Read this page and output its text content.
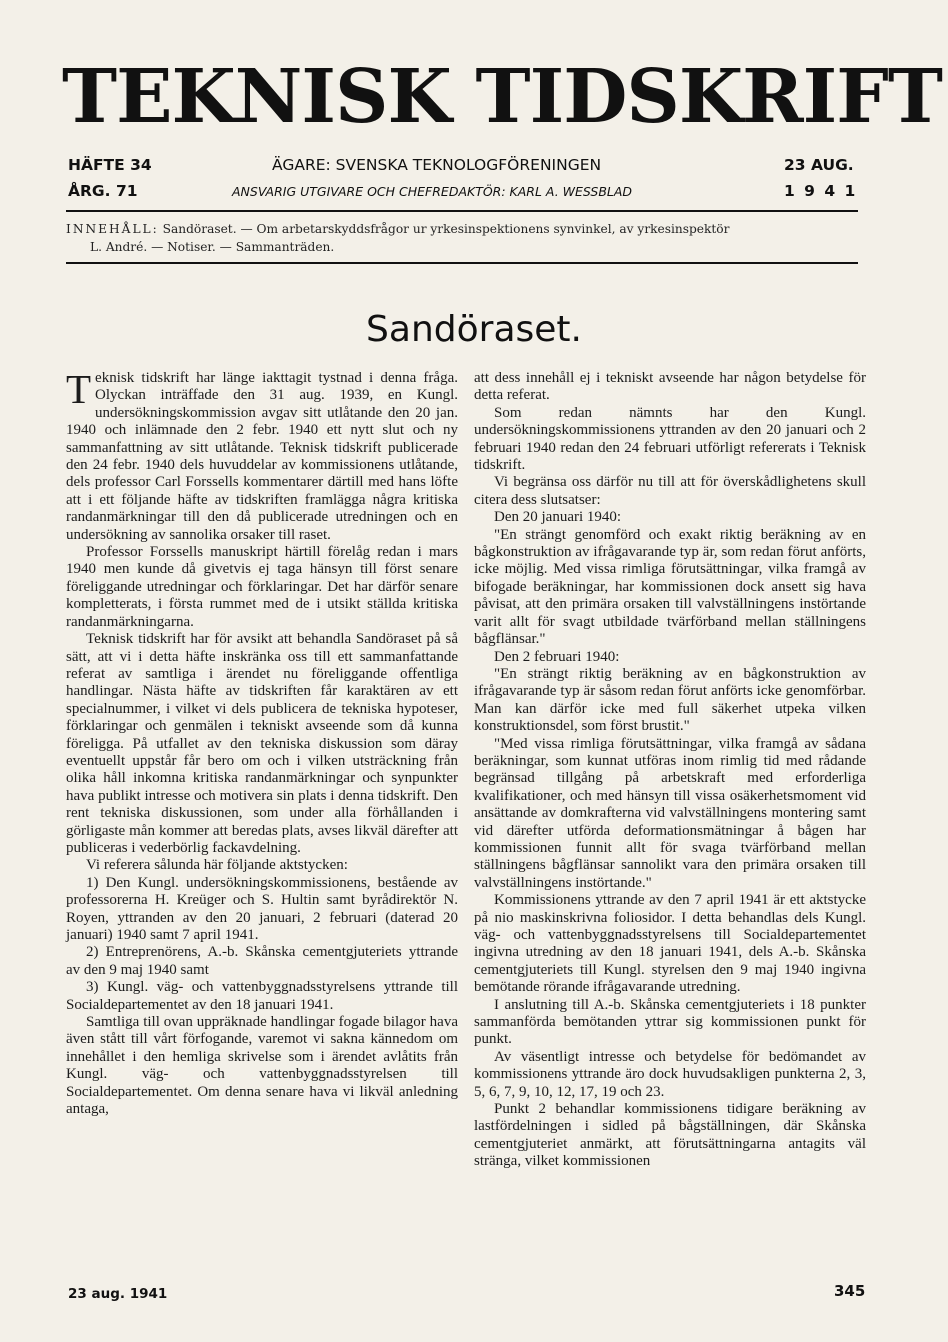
TEKNISK TIDSKRIFT
HÄFTE 34	ÄGARE: SVENSKA TEKNOLOGFÖRENINGEN	23 AUG.
ÅRG. 71	ANSVARIG UTGIVARE OCH CHEFREDAKTÖR: KARL A. WESSBLAD	1 9 4 1
INNEHÅLL: Sandöraset. — Om arbetarskyddsfrågor ur yrkesinspektionens synvinkel, av yrkesinspektör
L. André. — Notiser. — Sammanträden.
Sandöraset.

Teknisk tidskrift har länge iakttagit tystnad i denna fråga. Olyckan inträffade den 31 aug. 1939, en Kungl. undersökningskommission avgav sitt utlåtande den 20 jan. 1940 och inlämnade den 2 febr. 1940 ett nytt slut och ny sammanfattning av sitt utlåtande. Teknisk tidskrift publicerade den 24 febr. 1940 dels huvuddelar av kommissionens utlåtande, dels professor Carl Forssells kommentarer därtill med hans löfte att i ett följande häfte av tidskriften framlägga några kritiska randanmärkningar till den då publicerade utredningen och en undersökning av sannolika orsaker till raset.

Professor Forssells manuskript härtill förelåg redan i mars 1940 men kunde då givetvis ej taga hänsyn till först senare föreliggande utredningar och förklaringar. Det har därför senare kompletterats, i första rummet med de i utsikt ställda kritiska randanmärkningarna.

Teknisk tidskrift har för avsikt att behandla Sandöraset på så sätt, att vi i detta häfte inskränka oss till ett sammanfattande referat av samtliga i ärendet nu föreliggande offentliga handlingar. Nästa häfte av tidskriften får karaktären av ett specialnummer, i vilket vi dels publicera de tekniska hypoteser, förklaringar och genmälen i tekniskt avseende som då kunna föreligga. På utfallet av den tekniska diskussion som däray eventuellt uppstår får bero om och i vilken utsträckning från olika håll inkomna kritiska randanmärkningar och synpunkter hava publikt intresse och motivera sin plats i denna tidskrift. Den rent tekniska diskussionen, som under alla förhållanden i görligaste mån kommer att beredas plats, avses likväl därefter att publiceras i vederbörlig fackavdelning.

Vi referera sålunda här följande aktstycken:

1) Den Kungl. undersökningskommissionens, bestående av professorerna H. Kreüger och S. Hultin samt byrådirektör N. Royen, yttranden av den 20 januari, 2 februari (daterad 20 januari) 1940 samt 7 april 1941.

2) Entreprenörens, A.-b. Skånska cementgjuteriets yttrande av den 9 maj 1940 samt

3) Kungl. väg- och vattenbyggnadsstyrelsens yttrande till Socialdepartementet av den 18 januari 1941.

Samtliga till ovan uppräknade handlingar fogade bilagor hava även stått till vårt förfogande, varemot vi sakna kännedom om innehållet i den hemliga skrivelse som i ärendet avlåtits från Kungl. väg- och vattenbyggnadsstyrelsen till Socialdepartementet. Om denna senare hava vi likväl anledning antaga,

att dess innehåll ej i tekniskt avseende har någon betydelse för detta referat.

Som redan nämnts har den Kungl. undersökningskommissionens yttranden av den 20 januari och 2 februari 1940 redan den 24 februari utförligt refererats i Teknisk tidskrift.

Vi begränsa oss därför nu till att för överskådlighetens skull citera dess slutsatser:

Den 20 januari 1940:

"En strängt genomförd och exakt riktig beräkning av en bågkonstruktion av ifrågavarande typ är, som redan förut anförts, icke möjlig. Med vissa rimliga förutsättningar, vilka framgå av bifogade beräkningar, har kommissionen dock ansett sig hava påvisat, att den primära orsaken till valvställningens instörtande varit allt för svagt utbildade tvärförband mellan ställningens bågflänsar."

Den 2 februari 1940:

"En strängt riktig beräkning av en bågkonstruktion av ifrågavarande typ är såsom redan förut anförts icke genomförbar. Man kan därför icke med full säkerhet utpeka vilken konstruktionsdel, som först brustit."

"Med vissa rimliga förutsättningar, vilka framgå av sådana beräkningar, som kunnat utföras inom rimlig tid med rådande begränsad tillgång på arbetskraft med erforderliga kvalifikationer, och med hänsyn till vissa osäkerhetsmoment vid ansättande av domkrafterna vid valvställningens montering samt vid därefter utförda deformationsmätningar å bågen har kommissionen funnit allt för svaga tvärförband mellan ställningens bågflänsar sannolikt vara den primära orsaken till valvställningens instörtande."

Kommissionens yttrande av den 7 april 1941 är ett aktstycke på nio maskinskrivna foliosidor. I detta behandlas dels Kungl. väg- och vattenbyggnadsstyrelsens till Socialdepartementet ingivna utredning av den 18 januari 1941, dels A.-b. Skånska cementgjuteriets till Kungl. styrelsen den 9 maj 1940 ingivna bemötande rörande ifrågavarande utredning.

I anslutning till A.-b. Skånska cementgjuteriets i 18 punkter sammanförda bemötanden yttrar sig kommissionen punkt för punkt.

Av väsentligt intresse och betydelse för bedömandet av kommissionens yttrande äro dock huvudsakligen punkterna 2, 3, 5, 6, 7, 9, 10, 12, 17, 19 och 23.

Punkt 2 behandlar kommissionens tidigare beräkning av lastfördelningen i sidled på bågställningen, där Skånska cementgjuteriet anmärkt, att förutsättningarna antagits väl stränga, vilket kommissionen

23 aug. 1941	345
